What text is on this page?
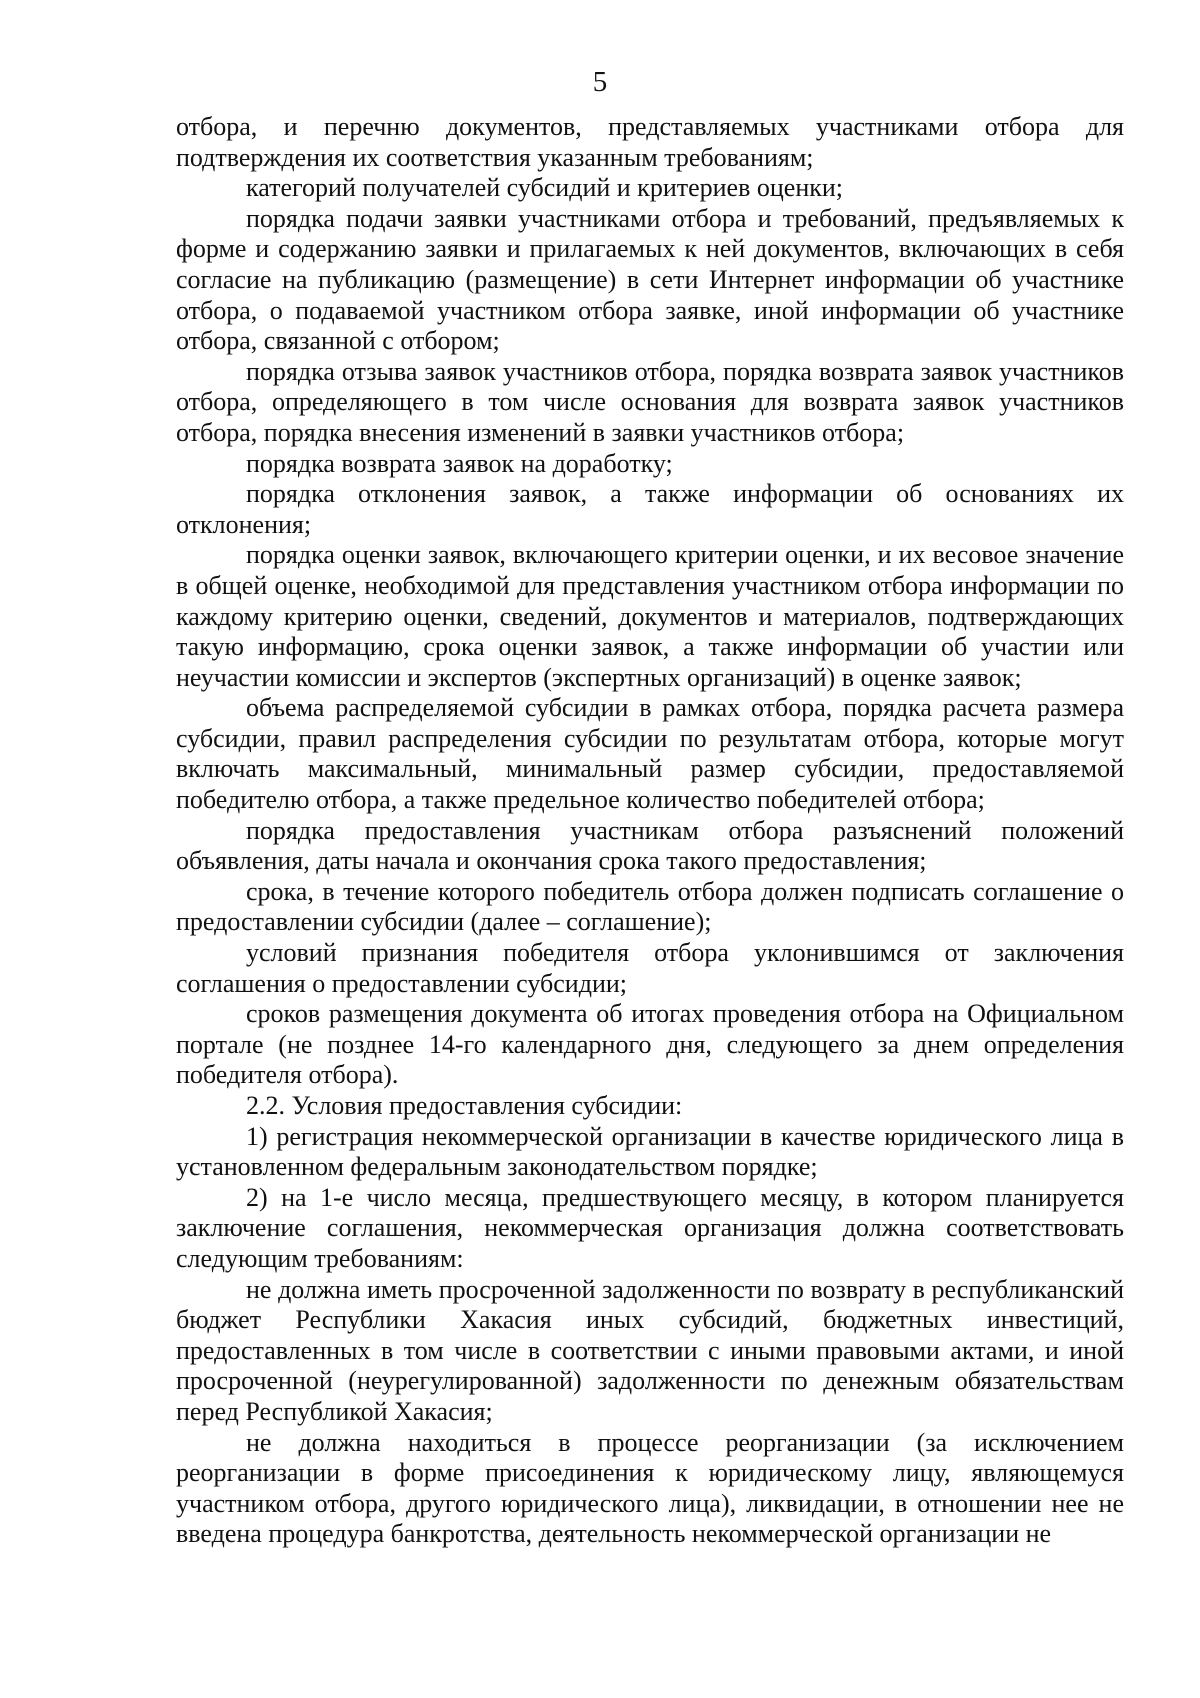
5

отбора, и перечню документов, представляемых участниками отбора для подтверждения их соответствия указанным требованиям;

категорий получателей субсидий и критериев оценки;

порядка подачи заявки участниками отбора и требований, предъявляемых к форме и содержанию заявки и прилагаемых к ней документов, включающих в себя согласие на публикацию (размещение) в сети Интернет информации об участнике отбора, о подаваемой участником отбора заявке, иной информации об участнике отбора, связанной с отбором;

порядка отзыва заявок участников отбора, порядка возврата заявок участников отбора, определяющего в том числе основания для возврата заявок участников отбора, порядка внесения изменений в заявки участников отбора;

порядка возврата заявок на доработку;

порядка отклонения заявок, а также информации об основаниях их отклонения;

порядка оценки заявок, включающего критерии оценки, и их весовое значение в общей оценке, необходимой для представления участником отбора информации по каждому критерию оценки, сведений, документов и материалов, подтверждающих такую информацию, срока оценки заявок, а также информации об участии или неучастии комиссии и экспертов (экспертных организаций) в оценке заявок;

объема распределяемой субсидии в рамках отбора, порядка расчета размера субсидии, правил распределения субсидии по результатам отбора, которые могут включать максимальный, минимальный размер субсидии, предоставляемой победителю отбора, а также предельное количество победителей отбора;

порядка предоставления участникам отбора разъяснений положений объявления, даты начала и окончания срока такого предоставления;

срока, в течение которого победитель отбора должен подписать соглашение о предоставлении субсидии (далее – соглашение);

условий признания победителя отбора уклонившимся от заключения соглашения о предоставлении субсидии;

сроков размещения документа об итогах проведения отбора на Официальном портале (не позднее 14-го календарного дня, следующего за днем определения победителя отбора).

2.2. Условия предоставления субсидии:

1) регистрация некоммерческой организации в качестве юридического лица в установленном федеральным законодательством порядке;

2) на 1-е число месяца, предшествующего месяцу, в котором планируется заключение соглашения, некоммерческая организация должна соответствовать следующим требованиям:

не должна иметь просроченной задолженности по возврату в республиканский бюджет Республики Хакасия иных субсидий, бюджетных инвестиций, предоставленных в том числе в соответствии с иными правовыми актами, и иной просроченной (неурегулированной) задолженности по денежным обязательствам перед Республикой Хакасия;

не должна находиться в процессе реорганизации (за исключением реорганизации в форме присоединения к юридическому лицу, являющемуся участником отбора, другого юридического лица), ликвидации, в отношении нее не введена процедура банкротства, деятельность некоммерческой организации не
